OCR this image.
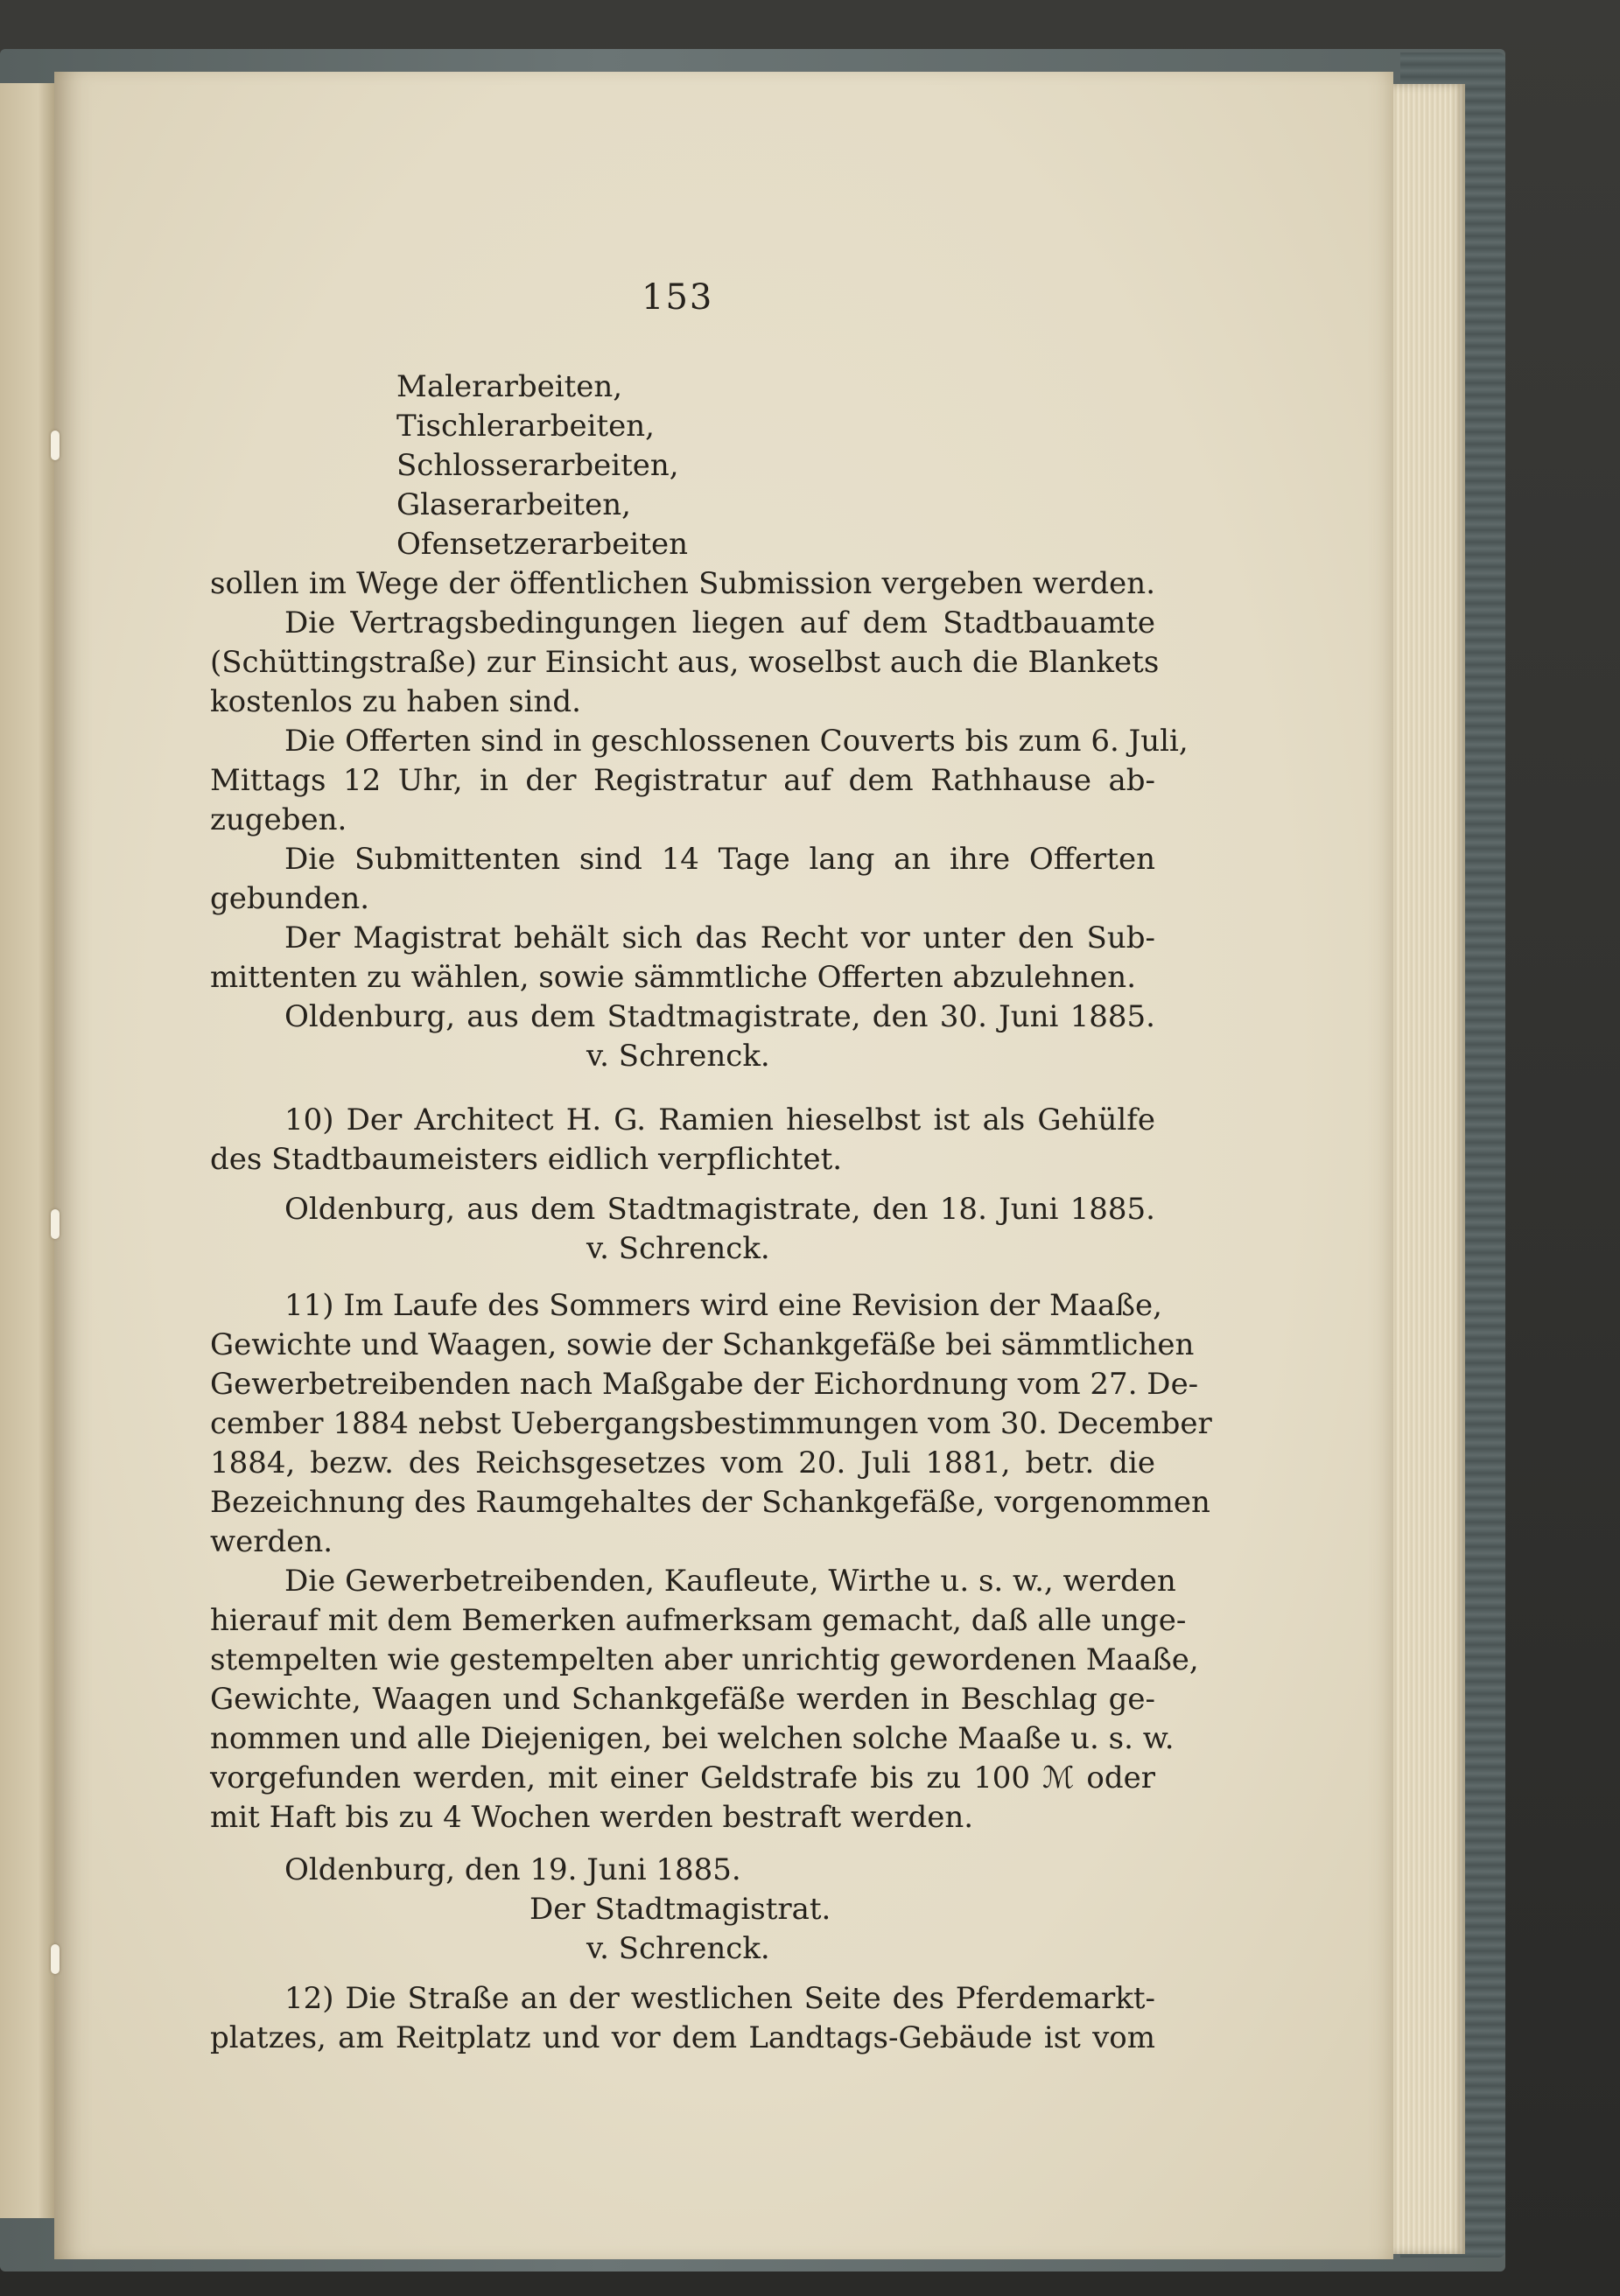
153
Malerarbeiten,
Tischlerarbeiten,
Schlosserarbeiten,
Glaserarbeiten,
Ofensetzerarbeiten
sollen im Wege der öffentlichen Submission vergeben werden.
Die Vertragsbedingungen liegen auf dem Stadtbauamte
(Schüttingstraße) zur Einsicht aus, woselbst auch die Blankets
kostenlos zu haben sind.
Die Offerten sind in geschlossenen Couverts bis zum 6. Juli,
Mittags 12 Uhr, in der Registratur auf dem Rathhause ab-
zugeben.
Die Submittenten sind 14 Tage lang an ihre Offerten
gebunden.
Der Magistrat behält sich das Recht vor unter den Sub-
mittenten zu wählen, sowie sämmtliche Offerten abzulehnen.
Oldenburg, aus dem Stadtmagistrate, den 30. Juni 1885.
v. Schrenck.
10) Der Architect H. G. Ramien hieselbst ist als Gehülfe
des Stadtbaumeisters eidlich verpflichtet.
Oldenburg, aus dem Stadtmagistrate, den 18. Juni 1885.
v. Schrenck.
11) Im Laufe des Sommers wird eine Revision der Maaße,
Gewichte und Waagen, sowie der Schankgefäße bei sämmtlichen
Gewerbetreibenden nach Maßgabe der Eichordnung vom 27. De-
cember 1884 nebst Uebergangsbestimmungen vom 30. December
1884, bezw. des Reichsgesetzes vom 20. Juli 1881, betr. die
Bezeichnung des Raumgehaltes der Schankgefäße, vorgenommen
werden.
Die Gewerbetreibenden, Kaufleute, Wirthe u. s. w., werden
hierauf mit dem Bemerken aufmerksam gemacht, daß alle unge-
stempelten wie gestempelten aber unrichtig gewordenen Maaße,
Gewichte, Waagen und Schankgefäße werden in Beschlag ge-
nommen und alle Diejenigen, bei welchen solche Maaße u. s. w.
vorgefunden werden, mit einer Geldstrafe bis zu 100 ℳ oder
mit Haft bis zu 4 Wochen werden bestraft werden.
Oldenburg, den 19. Juni 1885.
Der Stadtmagistrat.
v. Schrenck.
12) Die Straße an der westlichen Seite des Pferdemarkt-
platzes, am Reitplatz und vor dem Landtags-Gebäude ist vom
